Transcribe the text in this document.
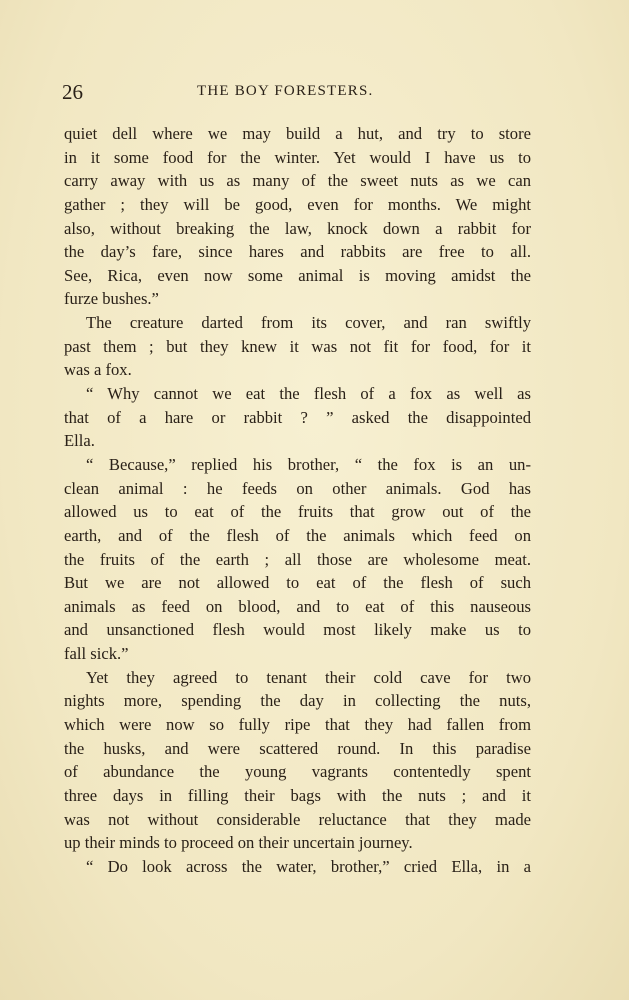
26	THE BOY FORESTERS.
quiet dell where we may build a hut, and try to store
in it some food for the winter. Yet would I have us to
carry away with us as many of the sweet nuts as we can
gather ; they will be good, even for months. We might
also, without breaking the law, knock down a rabbit for
the day’s fare, since hares and rabbits are free to all.
See, Rica, even now some animal is moving amidst the
furze bushes.”
The creature darted from its cover, and ran swiftly
past them ; but they knew it was not fit for food, for it
was a fox.
“ Why cannot we eat the flesh of a fox as well as
that of a hare or rabbit ? ” asked the disappointed
Ella.
“ Because,” replied his brother, “ the fox is an un-
clean animal : he feeds on other animals. God has
allowed us to eat of the fruits that grow out of the
earth, and of the flesh of the animals which feed on
the fruits of the earth ; all those are wholesome meat.
But we are not allowed to eat of the flesh of such
animals as feed on blood, and to eat of this nauseous
and unsanctioned flesh would most likely make us to
fall sick.”
Yet they agreed to tenant their cold cave for two
nights more, spending the day in collecting the nuts,
which were now so fully ripe that they had fallen from
the husks, and were scattered round. In this paradise
of abundance the young vagrants contentedly spent
three days in filling their bags with the nuts ; and it
was not without considerable reluctance that they made
up their minds to proceed on their uncertain journey.
“ Do look across the water, brother,” cried Ella, in a
